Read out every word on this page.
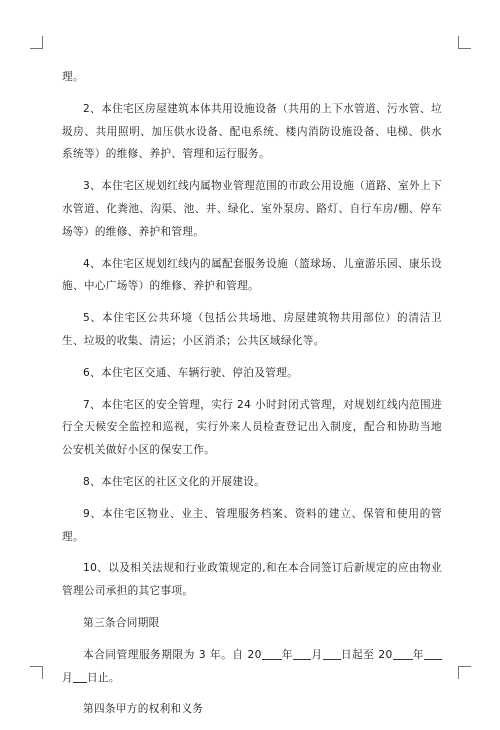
理。

2、本住宅区房屋建筑本体共用设施设备（共用的上下水管道、污水管、垃圾房、共用照明、加压供水设备、配电系统、楼内消防设施设备、电梯、供水系统等）的维修、养护、管理和运行服务。

3、本住宅区规划红线内属物业管理范围的市政公用设施（道路、室外上下水管道、化粪池、沟渠、池、井、绿化、室外泵房、路灯、自行车房/棚、停车场等）的维修、养护和管理。

4、本住宅区规划红线内的属配套服务设施（篮球场、儿童游乐园、康乐设施、中心广场等）的维修、养护和管理。

5、本住宅区公共环境（包括公共场地、房屋建筑物共用部位）的清洁卫生、垃圾的收集、清运；小区消杀；公共区域绿化等。

6、本住宅区交通、车辆行驶、停泊及管理。

7、本住宅区的安全管理，实行 24 小时封闭式管理，对规划红线内范围进行全天候安全监控和巡视，实行外来人员检查登记出入制度，配合和协助当地公安机关做好小区的保安工作。

8、本住宅区的社区文化的开展建设。

9、本住宅区物业、业主、管理服务档案、资料的建立、保管和使用的管理。

10、以及相关法规和行业政策规定的,和在本合同签订后新规定的应由物业管理公司承担的其它事项。

第三条合同期限

本合同管理服务期限为 3 年。自 20 年 月 日起至 20 年月 日止。

第四条甲方的权利和义务
